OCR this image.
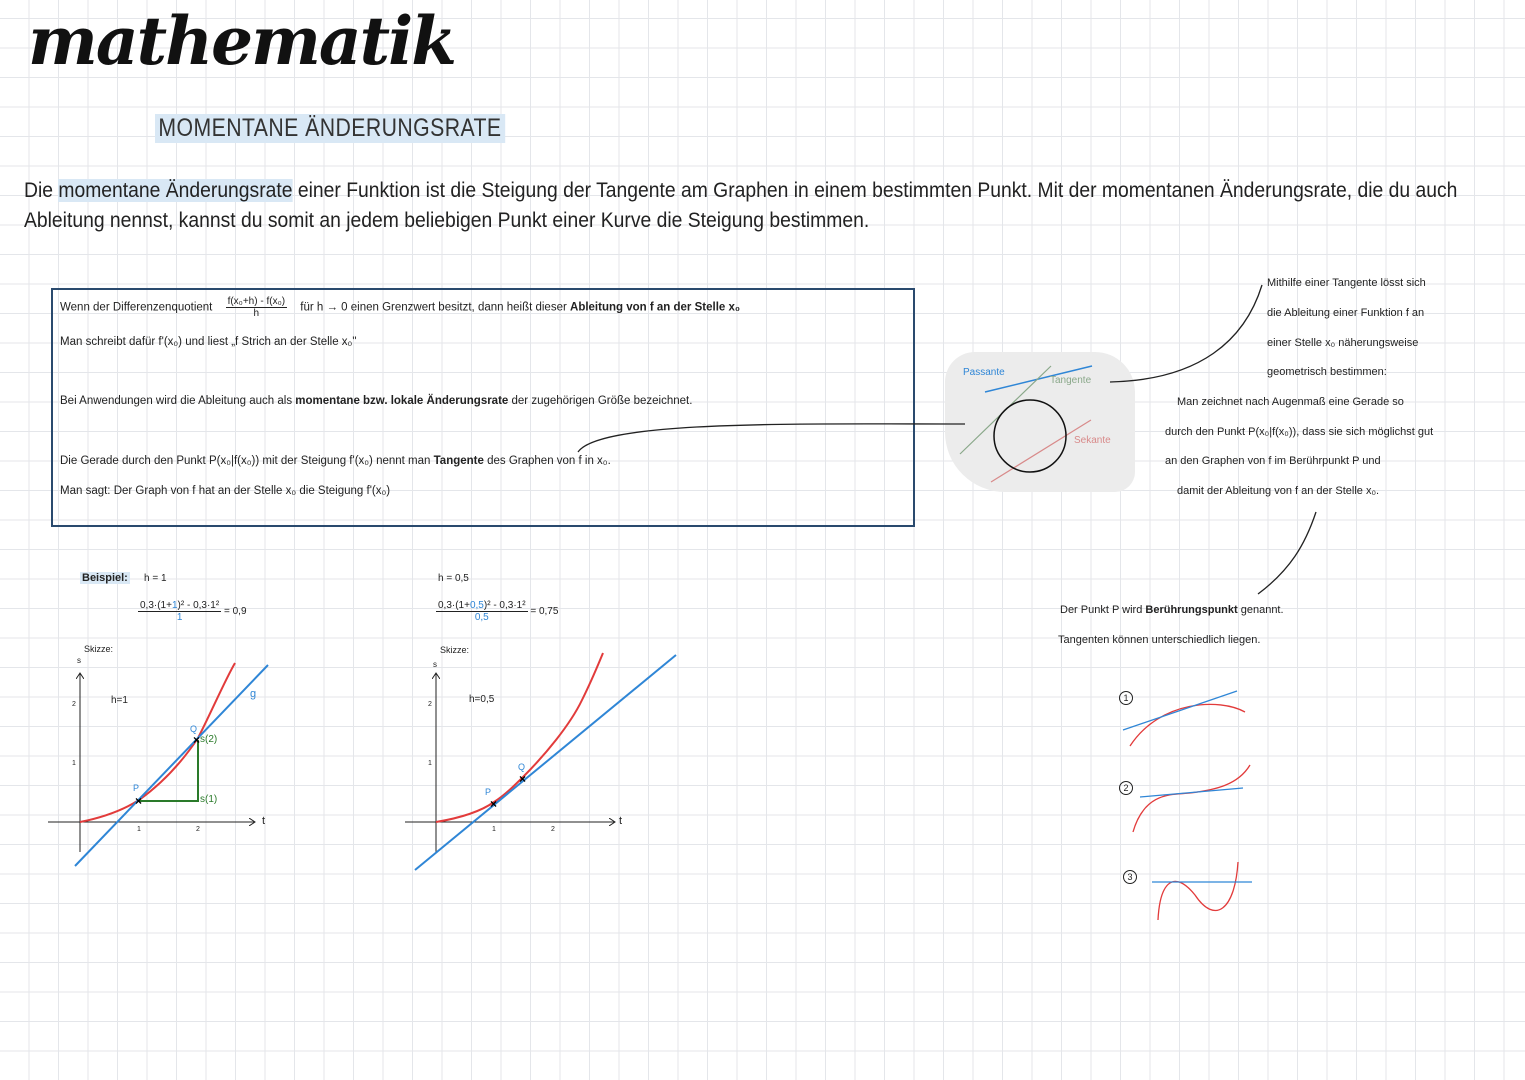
mathematik
MOMENTANE ÄNDERUNGSRATE
Die momentane Änderungsrate einer Funktion ist die Steigung der Tangente am Graphen in einem bestimmten Punkt. Mit der momentanen Änderungsrate, die du auch
Ableitung nennst, kannst du somit an jedem beliebigen Punkt einer Kurve die Steigung bestimmen.
Wenn der Differenzenquotient $\frac{\text{f(x₀+h) - f(x₀)}}{h}$ für h → 0 einen Grenzwert besitzt, dann heißt dieser Ableitung von f an der Stelle x₀
Man schreibt dafür f'(x₀) und liest „f Strich an der Stelle x₀"
Bei Anwendungen wird die Ableitung auch als momentane bzw. lokale Änderungsrate der zugehörigen Größe bezeichnet.
Die Gerade durch den Punkt P(x₀|f(x₀)) mit der Steigung f'(x₀) nennt man Tangente des Graphen von f in x₀.
Man sagt: Der Graph von f hat an der Stelle x₀ die Steigung f'(x₀)
Passante
Tangente
Sekante
Mithilfe einer Tangente lösst sich
die Ableitung einer Funktion f an
einer Stelle x₀ näherungsweise
geometrisch bestimmen:
Man zeichnet nach Augenmaß eine Gerade so
durch den Punkt P(x₀|f(x₀)), dass sie sich möglichst gut
an den Graphen von f im Berührpunkt P und
damit der Ableitung von f an der Stelle x₀.
Der Punkt P wird Berührungspunkt genannt.
Tangenten können unterschiedlich liegen.
1
2
3
Beispiel: h = 1
$\frac{\text{0,3·(1+1)² - 0,3·1²}}{1} = 0,9$
Skizze:
h = 0,5
$\frac{\text{0,3·(1+0,5)² - 0,3·1²}}{0,5} = 0,75$
Skizze:
×
×
×
×
s
t
1	2
1
2	h=1
P
Q
g
s(1)
s(2)
s
t
1	2
1
2	h=0,5
P
Q
